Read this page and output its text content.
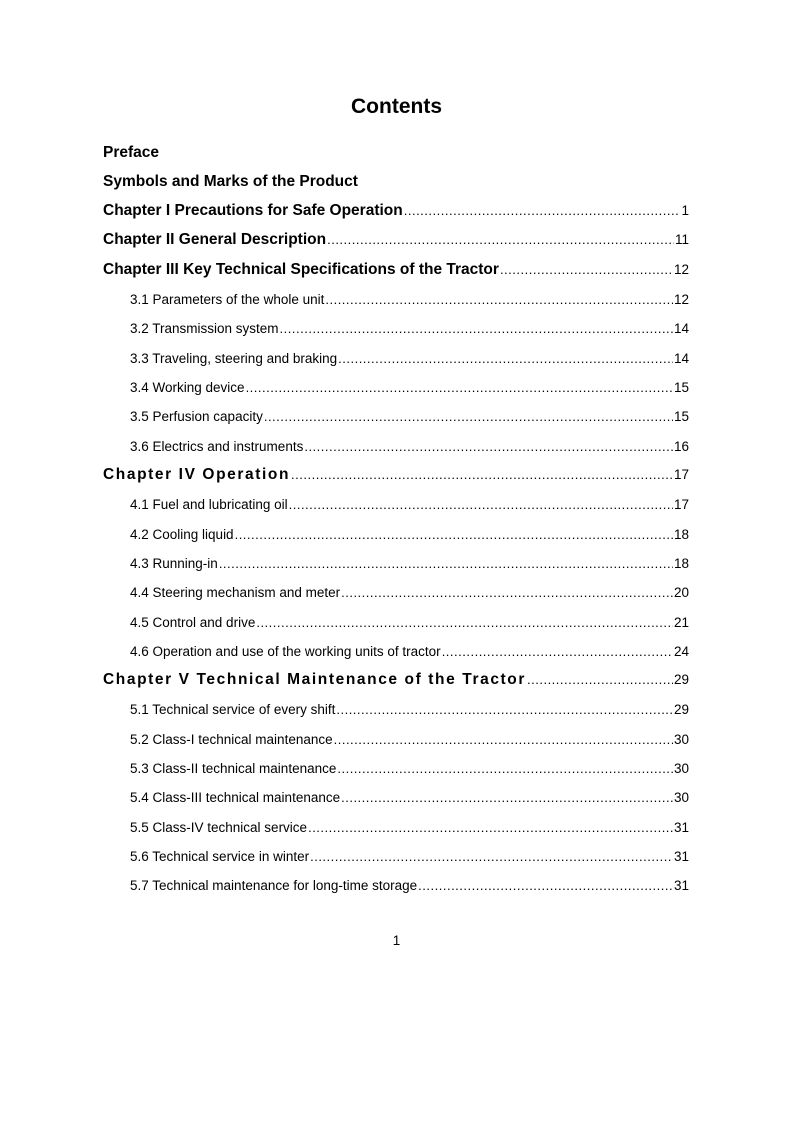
Contents
Preface
Symbols and Marks of the Product
Chapter I Precautions for Safe Operation .....	1
Chapter II General Description .....	11
Chapter III Key Technical Specifications of the Tractor .....	12
3.1 Parameters of the whole unit .....	12
3.2 Transmission system .....	14
3.3 Traveling, steering and braking .....	14
3.4 Working device .....	15
3.5 Perfusion capacity .....	15
3.6 Electrics and instruments .....	16
Chapter IV Operation .....	17
4.1 Fuel and lubricating oil .....	17
4.2 Cooling liquid .....	18
4.3 Running-in .....	18
4.4 Steering mechanism and meter .....	20
4.5 Control and drive .....	21
4.6 Operation and use of the working units of tractor .....	24
Chapter V Technical Maintenance of the Tractor .....	29
5.1 Technical service of every shift .....	29
5.2 Class-I technical maintenance .....	30
5.3 Class-II technical maintenance .....	30
5.4 Class-III technical maintenance .....	30
5.5 Class-IV technical service .....	31
5.6 Technical service in winter .....	31
5.7 Technical maintenance for long-time storage .....	31
1
